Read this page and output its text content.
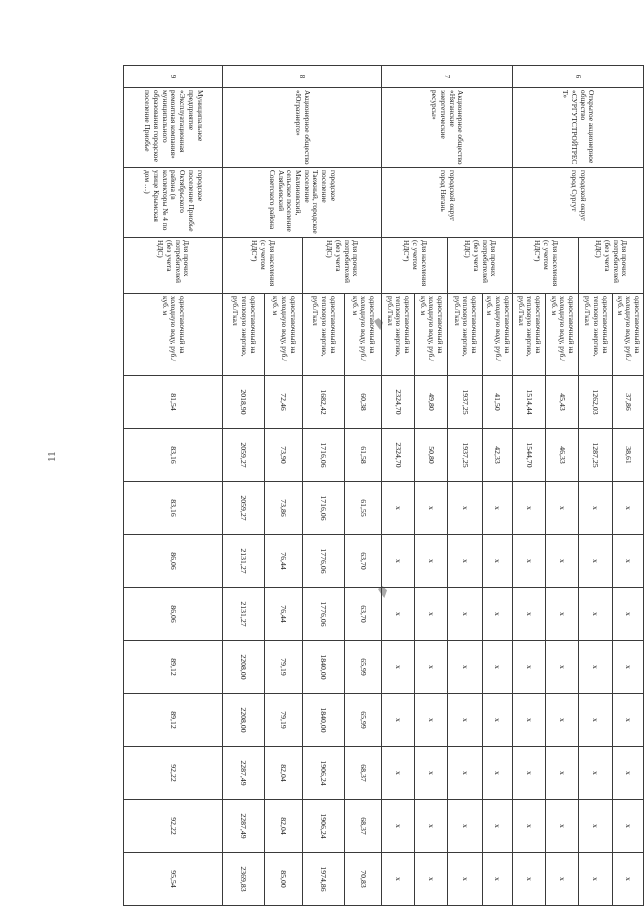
11
6	Открытое акционерное общество «СУРГУТСТРОЙТРЕСТ»	городской округ город Сургут	Для прочих потребителей (без учета НДС)	одноставочный на холодную воду, руб./куб. м	37,86	38,61	x	x	x	x	x	x	x	x
				одноставочный на тепловую энергию, руб./Гкал	1262,03	1287,25	x	x	x	x	x	x	x	x
			Для населения (с учетом НДС*)	одноставочный на холодную воду, руб./куб. м	45,43	46,33	x	x	x	x	x	x	x	x
				одноставочный на тепловую энергию, руб./Гкал	1514,44	1544,70	x	x	x	x	x	x	x	x
7	Акционерное общество «Няганские энергетические ресурсы»	городской округ город Нягань	Для прочих потребителей (без учета НДС)	одноставочный на холодную воду, руб./куб. м	41,50	42,33	x	x	x	x	x	x	x	x
				одноставочный на тепловую энергию, руб./Гкал	1937,25	1937,25	x	x	x	x	x	x	x	x
			Для населения (с учетом НДС*)	одноставочный на холодную воду, руб./куб. м	49,80	50,80	x	x	x	x	x	x	x	x
				одноставочный на тепловую энергию, руб./Гкал	2324,70	2324,70	x	x	x	x	x	x	x	x
8	Акционерное общество «Юграэнерго»	городское поселение Таежный, городское поселение Малиновский, сельское поселение Алябьевский Советского района	Для прочих потребителей (без учета НДС)	одноставочный на холодную воду, руб./куб. м	60,38	61,58	61,55	63,70	63,70	65,99	65,99	68,37	68,37	70,83
				одноставочный на тепловую энергию, руб./Гкал	1682,42	1716,06	1716,06	1776,06	1776,06	1840,00	1840,00	1906,24	1906,24	1974,86
			Для населения (с учетом НДС*)	одноставочный на холодную воду, руб./куб. м	72,46	73,90	73,86	76,44	76,44	79,19	79,19	82,04	82,04	85,00
				одноставочный на тепловую энергию, руб./Гкал	2018,90	2059,27	2059,27	2131,27	2131,27	2208,00	2208,00	2287,49	2287,49	2369,83
9	Муниципальное предприятие «Эксплуатационная ремонтная компания» муниципального образования городское поселение Приобье	городское поселение Приобье Октябрьского района (в коллекторы № 4 по улице Крымская дом …)	Для прочих потребителей (без учета НДС)	одноставочный на холодную воду, руб./куб. м	81,54	83,16	83,16	86,06	86,06	89,12	89,12	92,22	92,22	95,54
